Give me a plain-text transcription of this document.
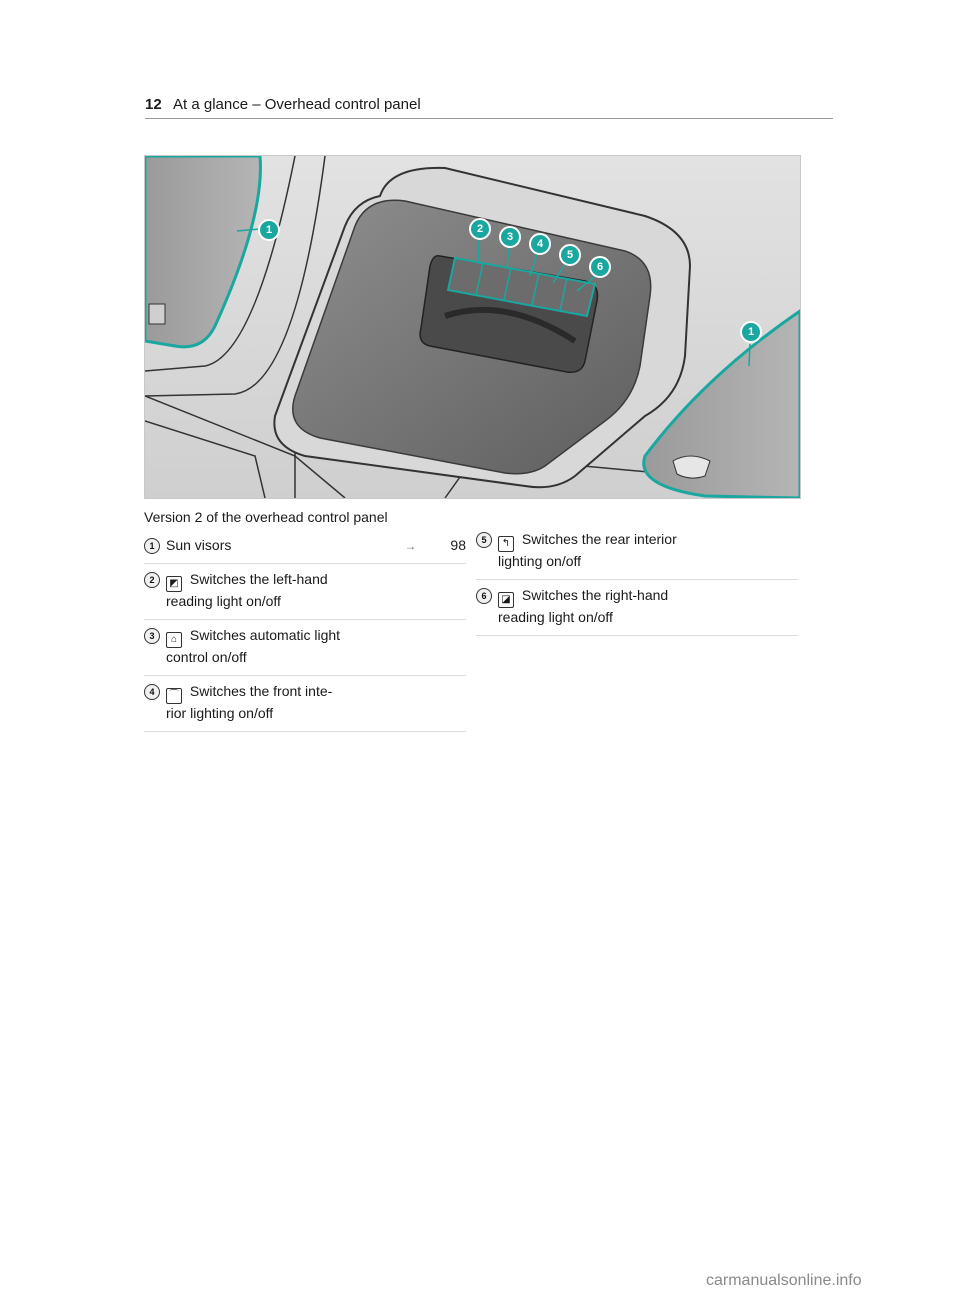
12 At a glance – Overhead control panel
1
1
2
3
4
5
6
Version 2 of the overhead control panel
1 Sun visors	→ 98
2	◩ Switches the left-hand
reading light on/off
3	⌂ Switches automatic light
control on/off
4	⌒ Switches the front inte-
rior lighting on/off
5	↰ Switches the rear interior
lighting on/off
6	◪ Switches the right-hand
reading light on/off
carmanualsonline.info
